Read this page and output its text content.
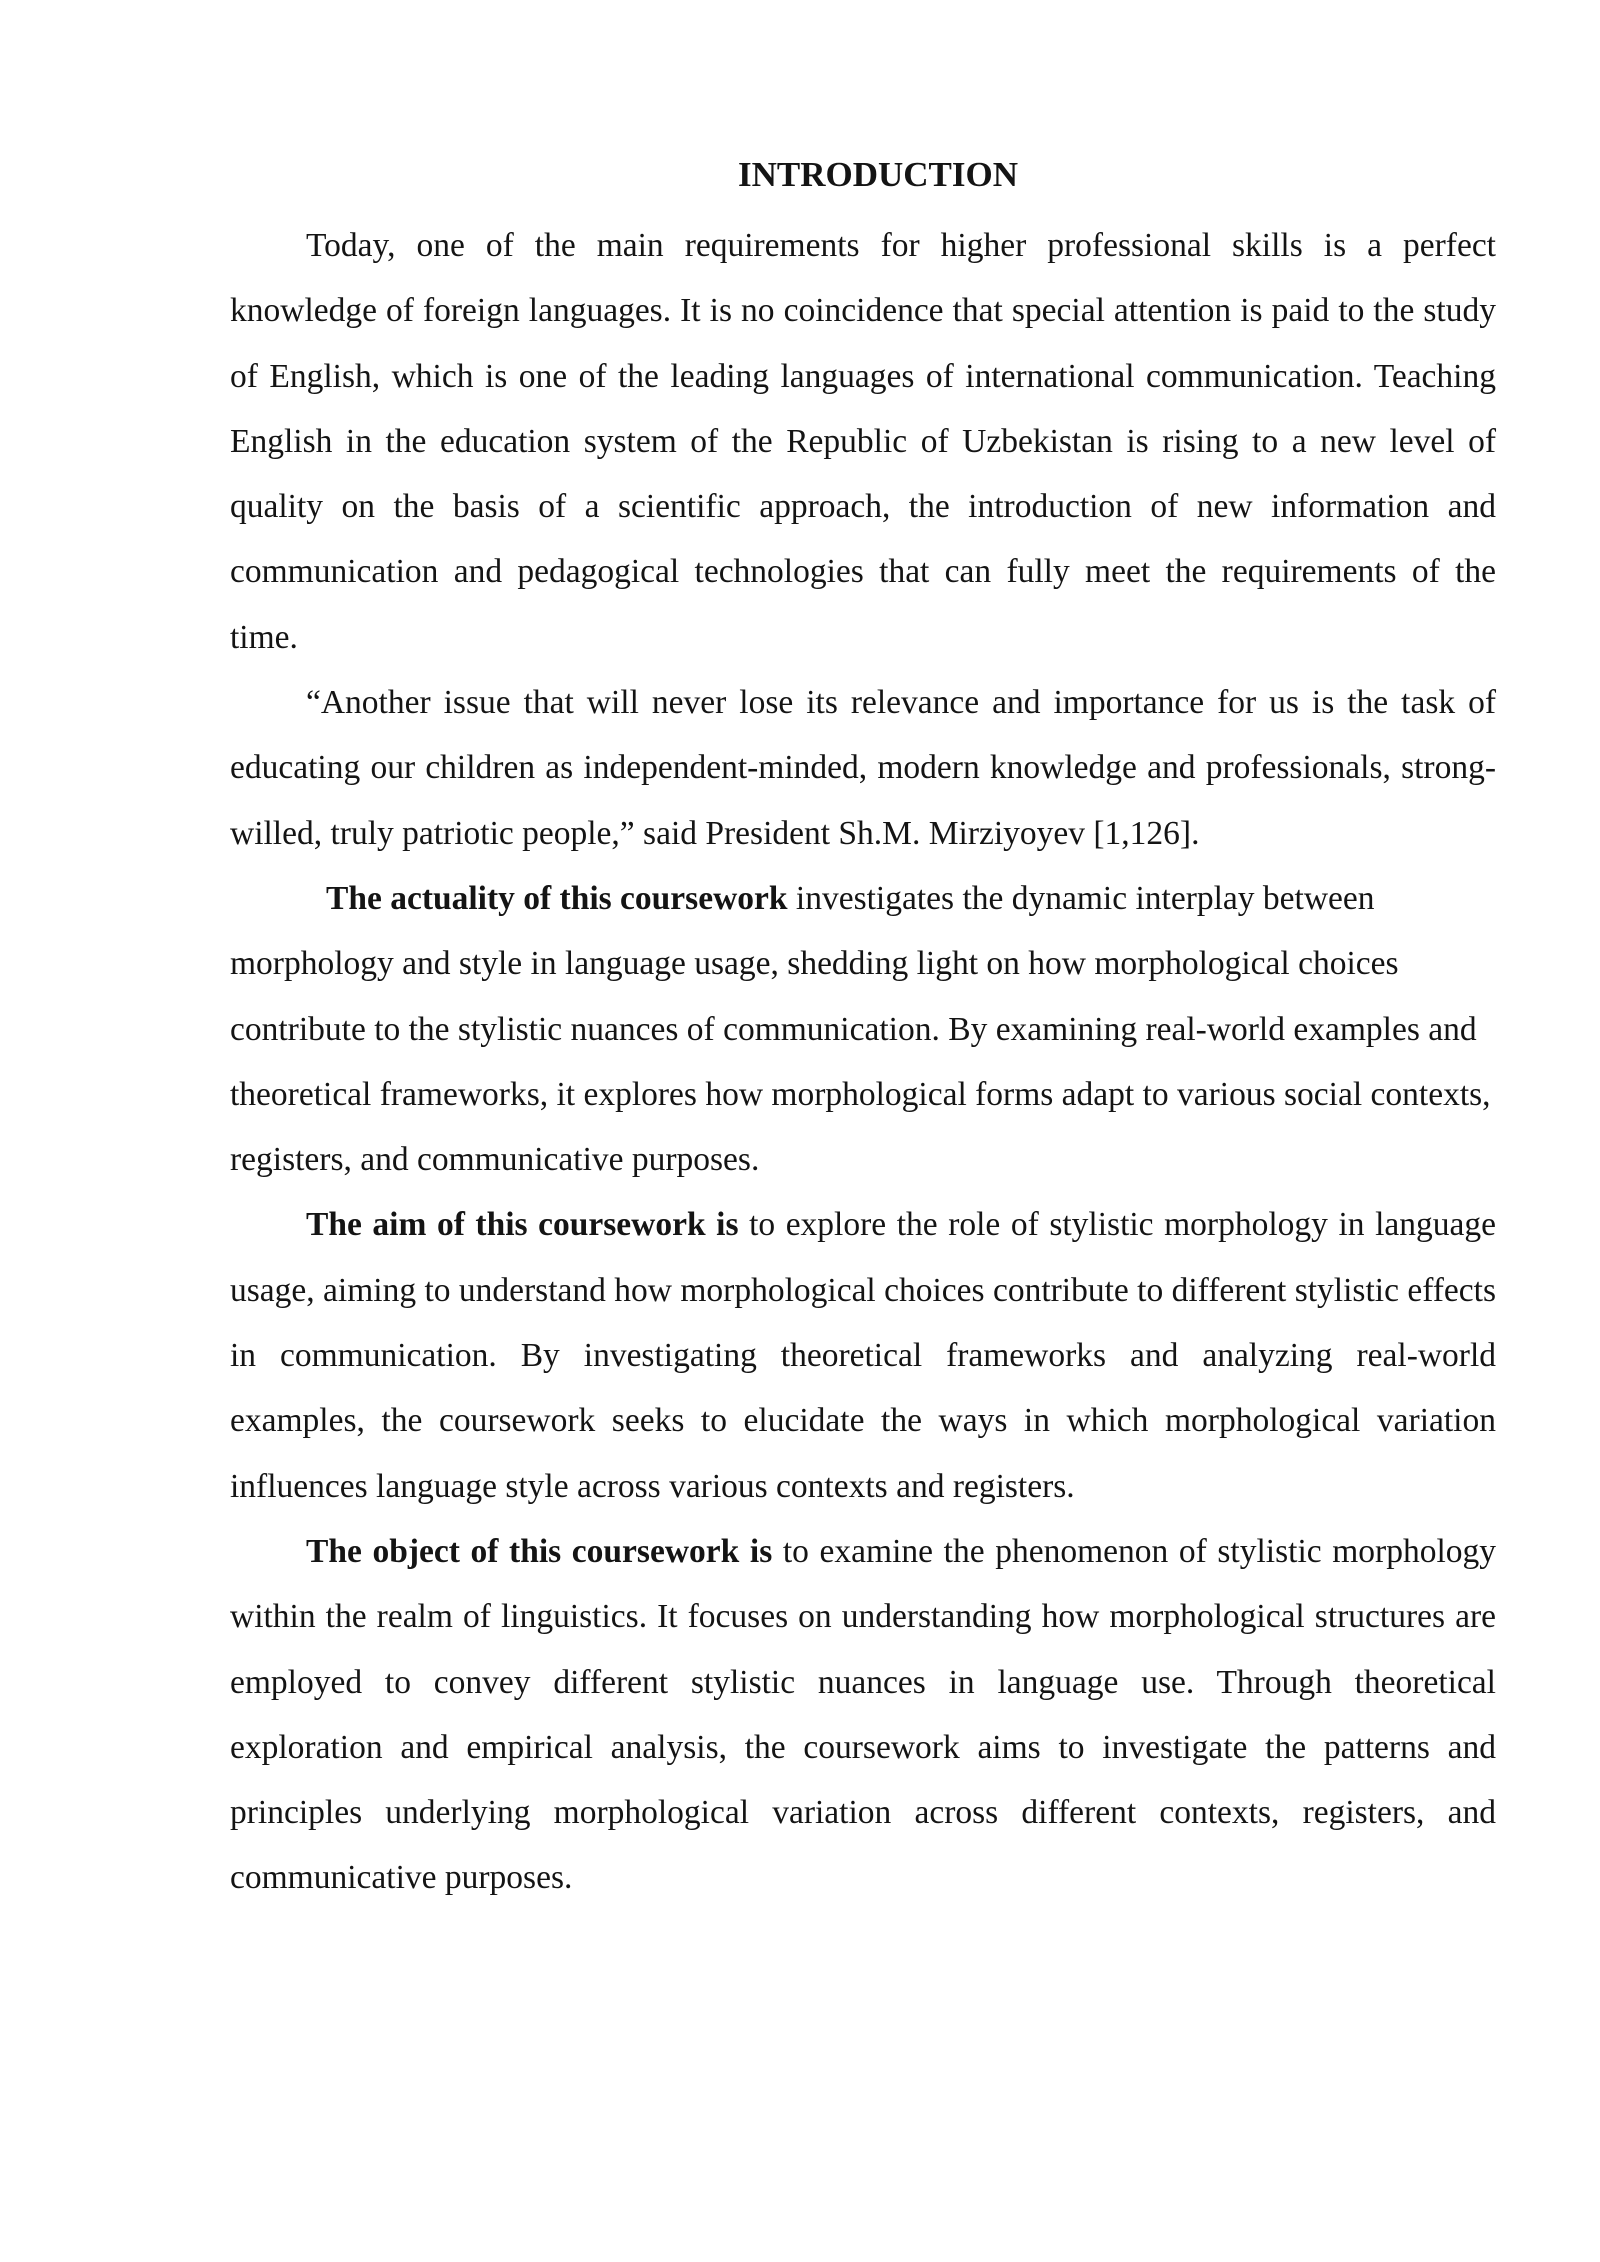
INTRODUCTION

Today, one of the main requirements for higher professional skills is a perfect knowledge of foreign languages. It is no coincidence that special attention is paid to the study of English, which is one of the leading languages of international communication. Teaching English in the education system of the Republic of Uzbekistan is rising to a new level of quality on the basis of a scientific approach, the introduction of new information and communication and pedagogical technologies that can fully meet the requirements of the time.

“Another issue that will never lose its relevance and importance for us is the task of educating our children as independent-minded, modern knowledge and professionals, strong-willed, truly patriotic people,” said President Sh.M. Mirziyoyev [1,126].

The actuality of this coursework investigates the dynamic interplay between morphology and style in language usage, shedding light on how morphological choices contribute to the stylistic nuances of communication. By examining real-world examples and theoretical frameworks, it explores how morphological forms adapt to various social contexts, registers, and communicative purposes.

The aim of this coursework is to explore the role of stylistic morphology in language usage, aiming to understand how morphological choices contribute to different stylistic effects in communication. By investigating theoretical frameworks and analyzing real-world examples, the coursework seeks to elucidate the ways in which morphological variation influences language style across various contexts and registers.

The object of this coursework is to examine the phenomenon of stylistic morphology within the realm of linguistics. It focuses on understanding how morphological structures are employed to convey different stylistic nuances in language use. Through theoretical exploration and empirical analysis, the coursework aims to investigate the patterns and principles underlying morphological variation across different contexts, registers, and communicative purposes.
